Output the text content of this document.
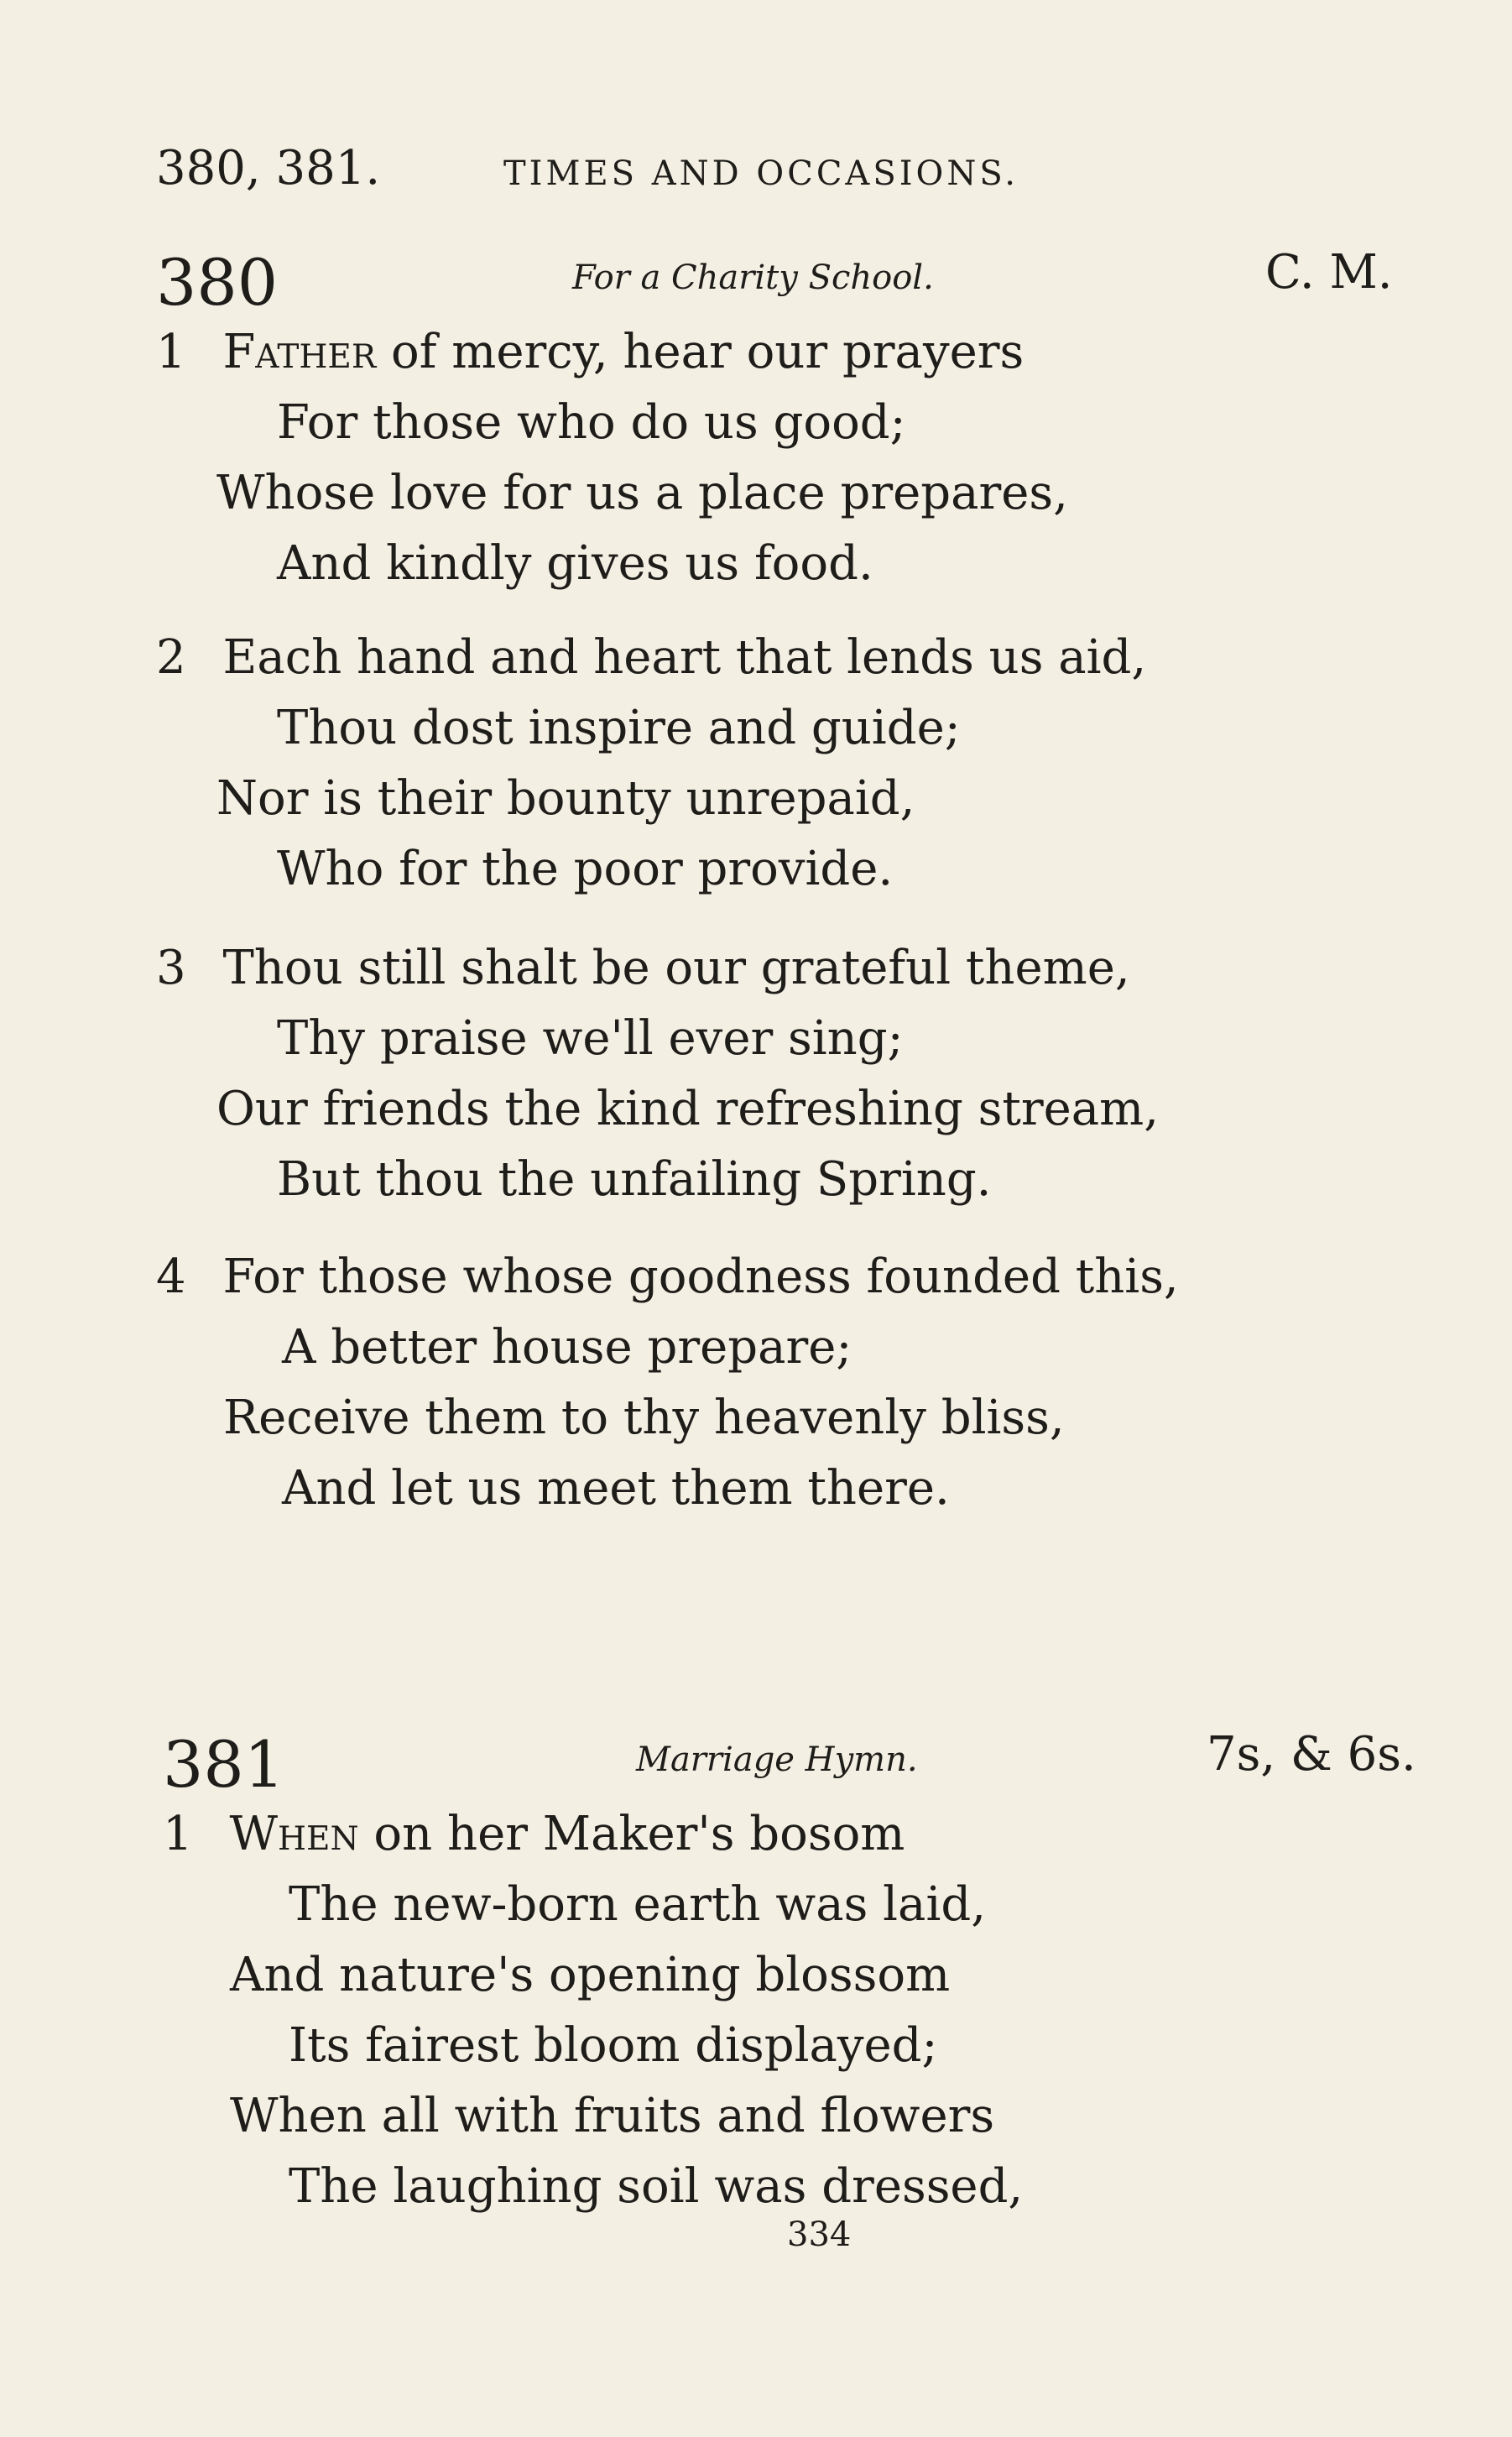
380, 381.	TIMES AND OCCASIONS.
380	For a Charity School.	C. M.
1 Father of mercy, hear our prayers
For those who do us good;
Whose love for us a place prepares,
And kindly gives us food.
2 Each hand and heart that lends us aid,
Thou dost inspire and guide;
Nor is their bounty unrepaid,
Who for the poor provide.
3 Thou still shalt be our grateful theme,
Thy praise we'll ever sing;
Our friends the kind refreshing stream,
But thou the unfailing Spring.
4 For those whose goodness founded this,
A better house prepare;
Receive them to thy heavenly bliss,
And let us meet them there.
381	Marriage Hymn.	7s, & 6s.
1 When on her Maker's bosom
The new-born earth was laid,
And nature's opening blossom
Its fairest bloom displayed;
When all with fruits and flowers
The laughing soil was dressed,
334
